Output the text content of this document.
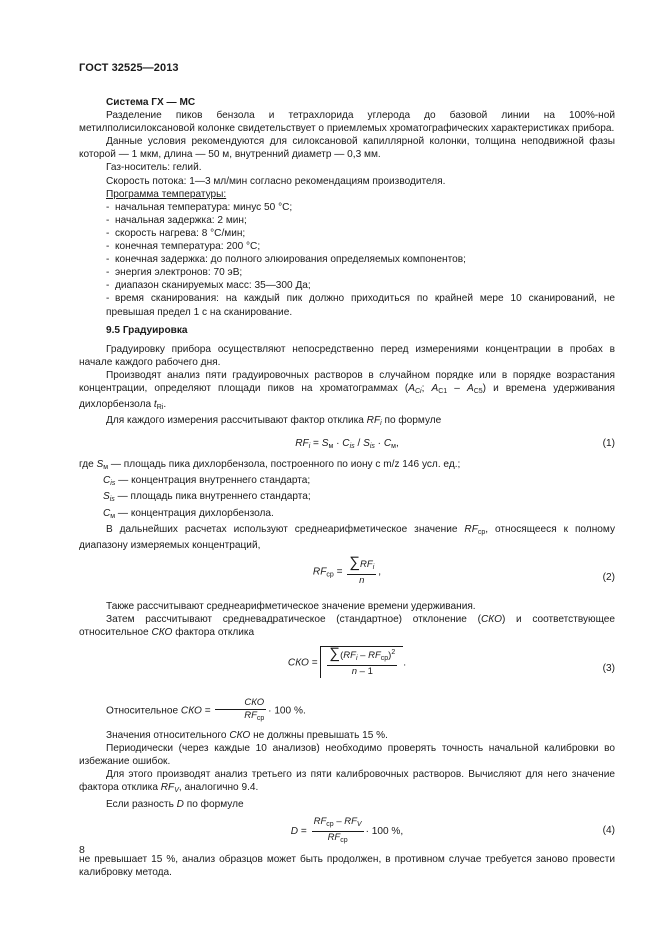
ГОСТ 32525—2013

Система ГХ — МС

Разделение пиков бензола и тетрахлорида углерода до базовой линии на 100%-ной метилполисилоксановой колонке свидетельствует о приемлемых хроматографических характеристиках прибора.

Данные условия рекомендуются для силоксановой капиллярной колонки, толщина неподвижной фазы которой — 1 мкм, длина — 50 м, внутренний диаметр — 0,3 мм.

Газ-носитель: гелий.

Скорость потока: 1—3 мл/мин согласно рекомендациям производителя.

Программа температуры:

- начальная температура: минус 50 °С;

- начальная задержка: 2 мин;

- скорость нагрева: 8 °С/мин;

- конечная температура: 200 °С;

- конечная задержка: до полного элюирования определяемых компонентов;

- энергия электронов: 70 эВ;

- диапазон сканируемых масс: 35—300 Да;

- время сканирования: на каждый пик должно приходиться по крайней мере 10 сканирований, не превышая предел 1 с на сканирование.

9.5 Градуировка

Градуировку прибора осуществляют непосредственно перед измерениями концентрации в пробах в начале каждого рабочего дня.

Производят анализ пяти градуировочных растворов в случайном порядке или в порядке возрастания концентрации, определяют площади пиков на хроматограммах ($A_{Ci}$; $A_{C1} - A_{C5}$) и времена удерживания дихлорбензола $t_{Ri}$.

Для каждого измерения рассчитывают фактор отклика $RF_i$ по формуле

$RF_i = S_м \cdot C_{is} / S_{is} \cdot C_м$,	(1)

где $S_м$ — площадь пика дихлорбензола, построенного по иону с m/z 146 усл. ед.;

$C_{is}$ — концентрация внутреннего стандарта;

$S_{is}$ — площадь пика внутреннего стандарта;

$C_м$ — концентрация дихлорбензола.

В дальнейших расчетах используют среднеарифметическое значение $RF_{ср}$, относящееся к полному диапазону измеряемых концентраций,

$RF_{ср} = \frac{\sum RF_i}{n}$ ,	(2)

Также рассчитывают среднеарифметическое значение времени удерживания.

Затем рассчитывают средневадратическое (стандартное) отклонение (СКО) и соответствующее относительное СКО фактора отклика

СКО = $\frac{\sum(RF_i - RF_{ср})^2}{n - 1}$ .
(3)

Относительное СКО = $\frac{\text{СКО}}{RF_{ср}} \cdot 100$ %.

Значения относительного СКО не должны превышать 15 %.

Периодически (через каждые 10 анализов) необходимо проверять точность начальной калибровки во избежание ошибок.

Для этого производят анализ третьего из пяти калибровочных растворов. Вычисляют для него значение фактора отклика $RF_V$, аналогично 9.4.

Если разность D по формуле

$D = \frac{RF_{ср} - RF_V}{RF_{ср}} \cdot 100$ %,	(4)

не превышает 15 %, анализ образцов может быть продолжен, в противном случае требуется заново провести калибровку метода.

8
